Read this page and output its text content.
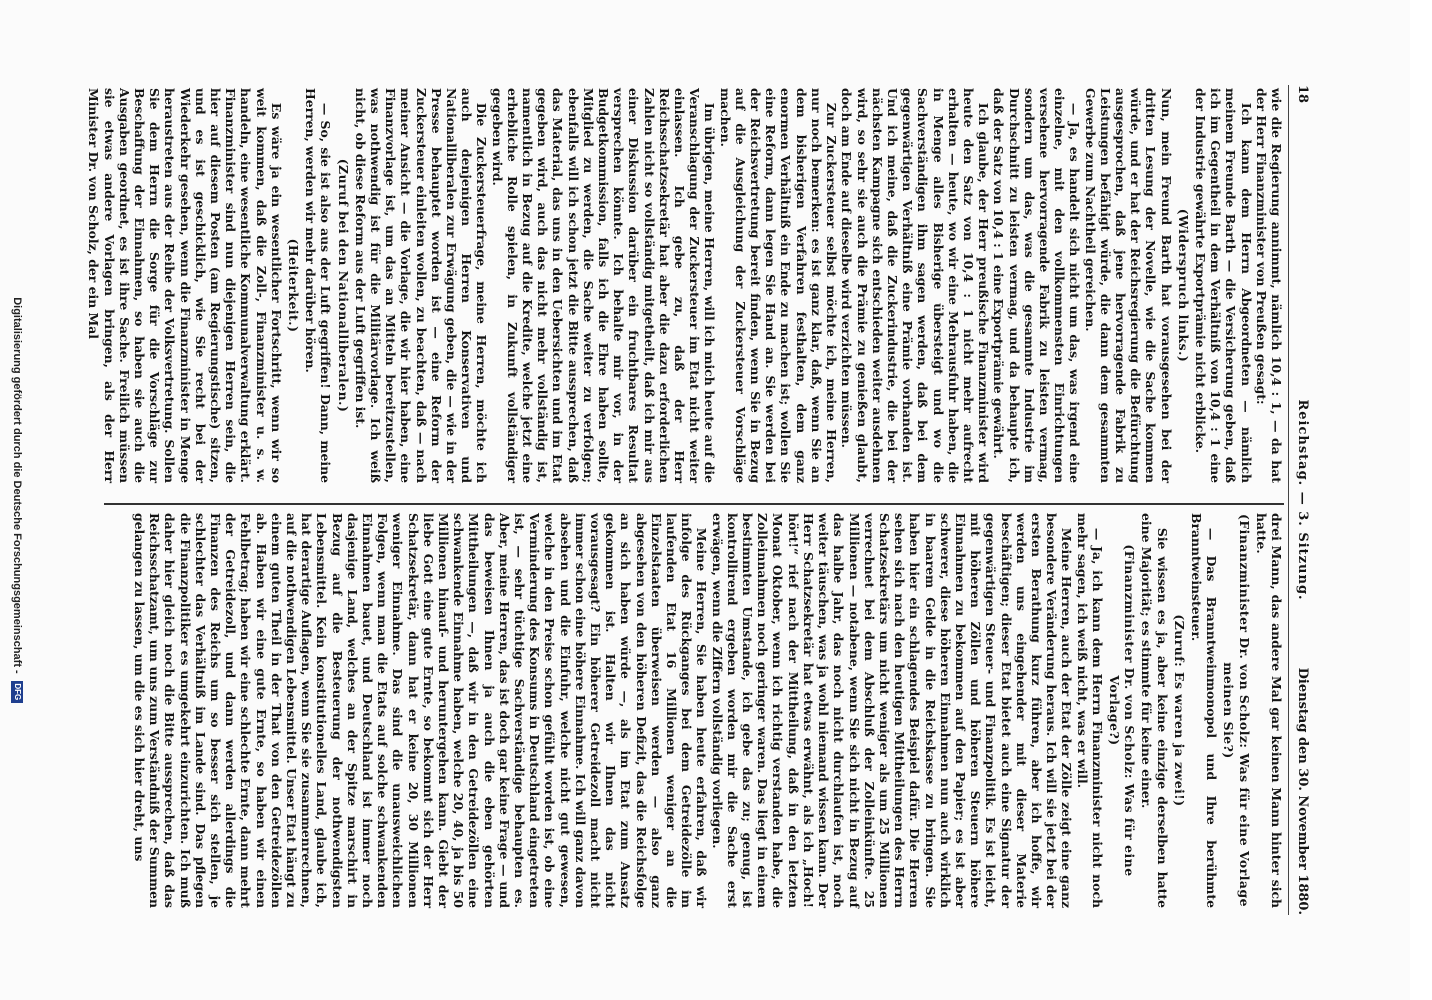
18
Reichstag. — 3. Sitzung.
Dienstag den 30. November 1880.

wie die Regierung annimmt, nämlich 10,4 : 1, — da hat der Herr Finanzminister von Preußen gesagt:

Ich kann dem Herrn Abgeordneten — nämlich meinem Freunde Barth — die Versicherung geben, daß ich im Gegentheil in dem Verhältniß von 10,4 : 1 eine der Industrie gewährte Exportprämie nicht erblicke.

(Widerspruch links.)

Nun, mein Freund Barth hat vorausgesehen bei der dritten Lesung der Novelle, wie die Sache kommen würde, und er hat der Reichsregierung die Befürchtung ausgesprochen, daß jene hervorragende Fabrik zu Leistungen befähigt würde, die dann dem gesammten Gewerbe zum Nachtheil gereichen.

— Ja, es handelt sich nicht um das, was irgend eine einzelne, mit den vollkommensten Einrichtungen versehene hervorragende Fabrik zu leisten vermag, sondern um das, was die gesammte Industrie im Durchschnitt zu leisten vermag, und da behaupte ich, daß der Satz von 10,4 : 1 eine Exportprämie gewährt.

Ich glaube, der Herr preußische Finanzminister wird heute den Satz von 10,4 : 1 nicht mehr aufrecht erhalten — heute, wo wir eine Mehrausfuhr haben, die in Menge alles Bisherige übersteigt und wo die Sachverständigen ihm sagen werden, daß bei dem gegenwärtigen Verhältniß eine Prämie vorhanden ist. Und ich meine, daß die Zuckerindustrie, die bei der nächsten Kampagne sich entschieden weiter ausdehnen wird, so sehr sie auch die Prämie zu genießen glaubt, doch am Ende auf dieselbe wird verzichten müssen.

Zur Zuckersteuer selbst möchte ich, meine Herren, nur noch bemerken: es ist ganz klar, daß, wenn Sie an dem bisherigen Verfahren festhalten, dem ganz enormen Verhältniß ein Ende zu machen ist; wollen Sie eine Reform, dann legen Sie Hand an. Sie werden bei der Reichsvertretung bereit finden, wenn Sie in Bezug auf die Ausgleichung der Zuckersteuer Vorschläge machen.

Im übrigen, meine Herren, will ich mich heute auf die Veranschlagung der Zuckersteuer im Etat nicht weiter einlassen. Ich gebe zu, daß der Herr Reichsschatzsekretär hat aber die dazu erforderlichen Zahlen nicht so vollständig mitgetheilt, daß ich mir aus einer Diskussion darüber ein fruchtbares Resultat versprechen könnte. Ich behalte mir vor, in der Budgetkommission, falls ich die Ehre haben sollte, Mitglied zu werden, die Sache weiter zu verfolgen; ebenfalls will ich schon jetzt die Bitte aussprechen, daß das Material, das uns in den Uebersichten und im Etat gegeben wird, auch das nicht mehr vollständig ist, namentlich in Bezug auf die Kredite, welche jetzt eine erhebliche Rolle spielen, in Zukunft vollständiger gegeben wird.

Die Zuckersteuerfrage, meine Herren, möchte ich auch denjenigen Herren Konservativen und Nationalliberalen zur Erwägung geben, die — wie in der Presse behauptet worden ist — eine Reform der Zuckersteuer einleiten wollen, zu beachten, daß — nach meiner Ansicht — die Vorlage, die wir hier haben, eine Finanzvorlage ist, um das an Mitteln bereitzustellen, was nothwendig ist für die Militärvorlage. Ich weiß nicht, ob diese Reform aus der Luft gegriffen ist.

(Zuruf bei den Nationalliberalen.)

— So, sie ist also aus der Luft gegriffen! Dann, meine Herren, werden wir mehr darüber hören.

(Heiterkeit.)

Es wäre ja ein wesentlicher Fortschritt, wenn wir so weit kommen, daß die Zoll-, Finanzminister u. s. w. handeln, eine wesentliche Kommunalverwaltung erklärt. Finanzminister sind nun diejenigen Herren sein, die hier auf diesem Posten (am Regierungstische) sitzen, und es ist geschicklich, wie Sie recht bei der Wiederkehr gesehen, wenn die Finanzminister in Menge heraustreten aus der Reihe der Volksvertretung. Sollen Sie dem Herrn die Sorge für die Vorschläge zur Beschaffung der Einnahmen, so haben sie auch die Ausgaben geordnet, es ist ihre Sache. Freilich müssen sie etwas andere Vorlagen bringen, als der Herr Minister Dr. von Scholz, der ein Mal

drei Mann, das andere Mal gar keinen Mann hinter sich hatte.

(Finanzminister Dr. von Scholz: Was für eine Vorlage meinen Sie?)

— Das Branntweinmonopol und Ihre berühmte Branntweinsteuer.

(Zuruf: Es waren ja zwei!)

Sie wissen es ja, aber keine einzige derselben hatte eine Majorität; es stimmte für keine einer.

(Finanzminister Dr. von Scholz: Was für eine Vorlage?)

— Ja, ich kann dem Herrn Finanzminister nicht noch mehr sagen, ich weiß nicht, was er will.

Meine Herren, auch der Etat der Zölle zeigt eine ganz besondere Veränderung heraus. Ich will sie jetzt bei der ersten Berathung kurz führen, aber ich hoffe, wir werden uns eingehender mit dieser Materie beschäftigen; dieser Etat bietet auch eine Signatur der gegenwärtigen Steuer- und Finanzpolitik. Es ist leicht, mit höheren Zöllen und höheren Steuern höhere Einnahmen zu bekommen auf den Papier; es ist aber schwerer, diese höheren Einnahmen nun auch wirklich in baarem Gelde in die Reichskasse zu bringen. Sie haben hier ein schlagendes Beispiel dafür. Die Herren sehen sich nach den heutigen Mittheilungen des Herrn Schatzsekretärs um nicht weniger als um 25 Millionen verrechnet bei dem Abschluß der Zolleinkünfte. 25 Millionen — notabene, wenn Sie sich nicht in Bezug auf das halbe Jahr, das noch nicht durchlaufen ist, noch weiter täuschen, was ja wohl niemand wissen kann. Der Herr Schatzsekretär hat etwas erwähnt, als ich „Hoch! hört!“ rief nach der Mittheilung, daß in den letzten Monat Oktober, wenn ich richtig verstanden habe, die Zolleinnahmen noch geringer waren. Das liegt in einem bestimmten Umstande, ich gebe das zu; genug, ist kontrollirend ergeben worden mir die Sache erst erwägen, wenn die Ziffern vollständig vorliegen.

Meine Herren, Sie haben heute erfahren, daß wir infolge des Rückganges bei dem Getreidezölle im laufenden Etat 16 Millionen weniger an die Einzelstaaten überweisen werden — also ganz abgesehen von den höheren Defizit, das die Reichsfolge an sich haben würde —, als im Etat zum Ansatz gekommen ist. Halten wir Ihnen das nicht vorausgesagt? Ein höherer Getreidezoll macht nicht immer schon eine höhere Einnahme. Ich will ganz davon absehen und die Einfuhr, welche nicht gut gewesen, welche in den Preise schon gefühlt worden ist, ob eine Verminderung des Konsums in Deutschland eingetreten ist, — sehr tüchtige Sachverständige behaupten es. Aber, meine Herren, das ist doch gar keine Frage — und das beweisen Ihnen ja auch die eben gehörten Mittheilungen —, daß wir in den Getreidezöllen eine schwankende Einnahme haben, welche 20, 40, ja bis 50 Millionen hinauf- und heruntergehen kann. Giebt der liebe Gott eine gute Ernte, so bekommt sich der Herr Schatzsekretär, dann hat er keine 20, 30 Millionen weniger Einnahme. Das sind die unausweichlichen Folgen, wenn man die Etats auf solche schwankenden Einnahmen bauet, und Deutschland ist immer noch dasjenige Land, welches an der Spitze marschirt in Bezug auf die Besteuerung der nothwendigsten Lebensmittel. Kein konstitutionelles Land, glaube ich, hat derartige Auflagen, wenn Sie sie zusammenrechnen, auf die nothwendigen Lebensmittel. Unser Etat hängt zu einem guten Theil in der That von den Getreidezöllen ab. Haben wir eine gute Ernte, so haben wir einen Fehlbetrag; haben wir eine schlechte Ernte, dann mehrt der Getreidezoll, und dann werden allerdings die Finanzen des Reichs um so besser sich stellen, je schlechter das Verhältniß im Lande sind. Das pflegen die Finanzpolitiker es umgekehrt einzurichten. Ich muß daher hier gleich noch die Bitte aussprechen, daß das Reichsschatzamt, um uns zum Verständniß der Summen gelangen zu lassen, um die es sich hier dreht, uns

Digitalisierung gefördert durch die Deutsche Forschungsgemeinschaft - DFG
